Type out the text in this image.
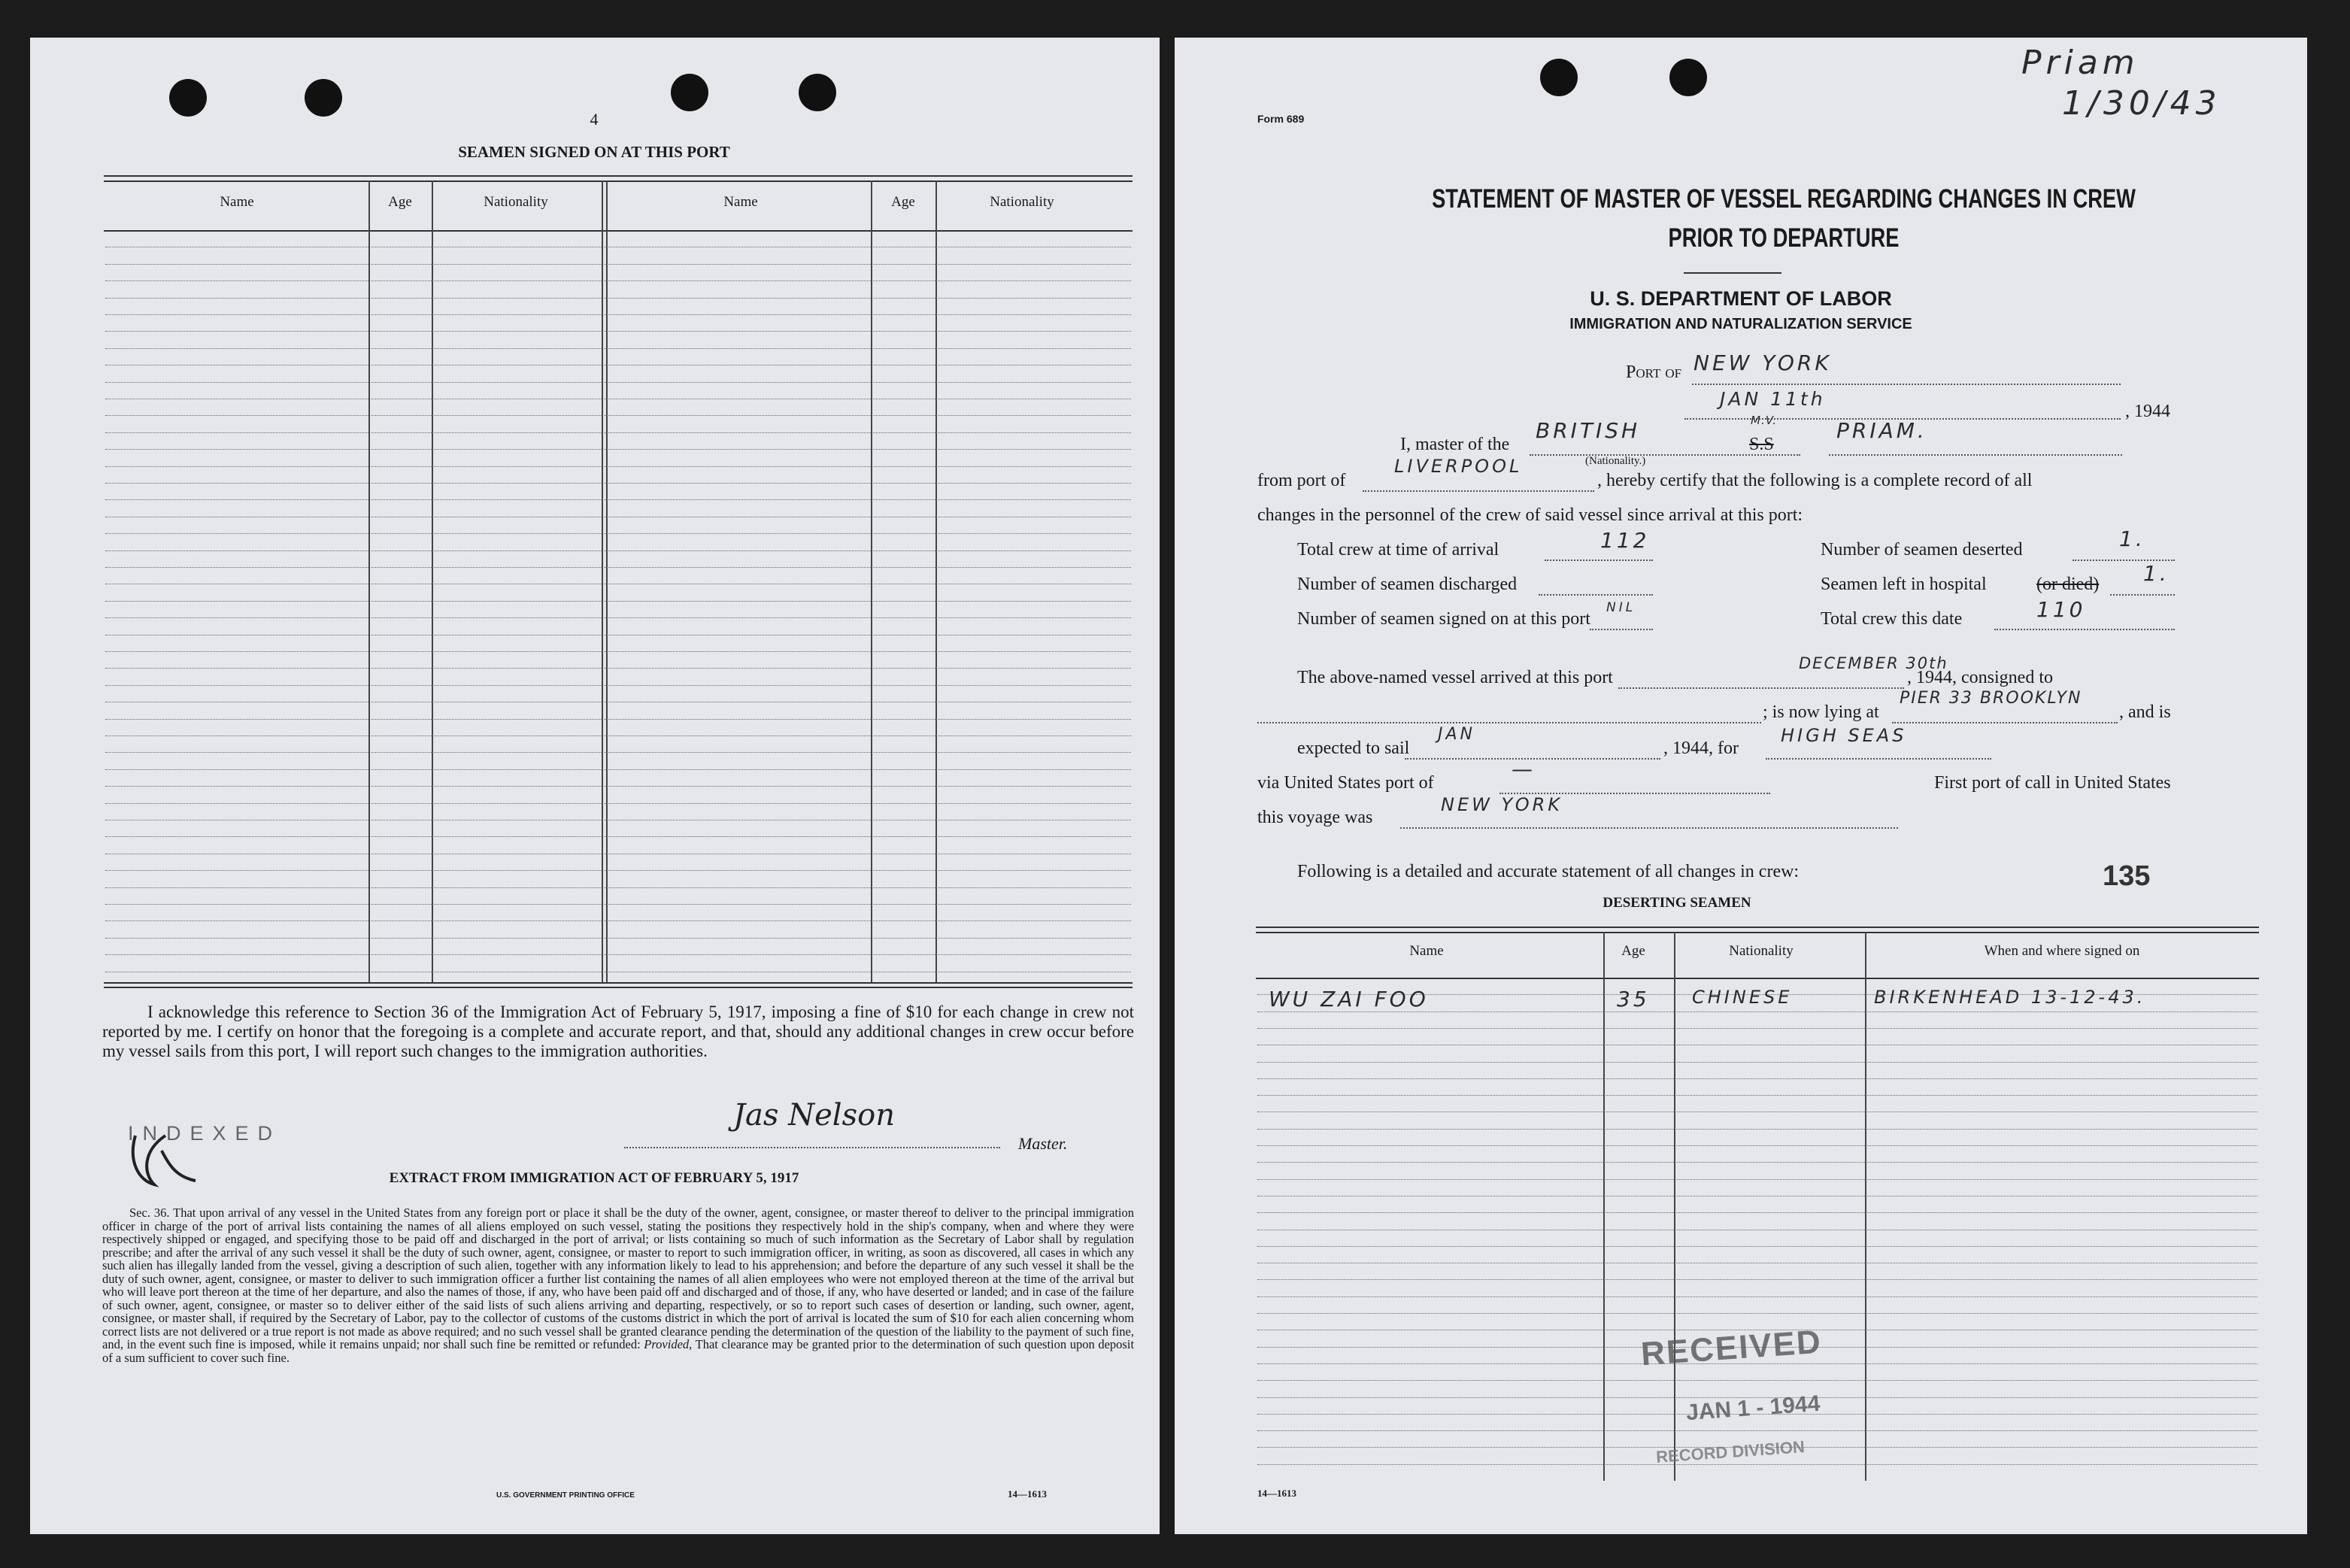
4
SEAMEN SIGNED ON AT THIS PORT
Name	Age	Nationality	Name	Age	Nationality
I acknowledge this reference to Section 36 of the Immigration Act of February 5, 1917, imposing a fine of $10 for each change in crew not reported by me. I certify on honor that the foregoing is a complete and accurate report, and that, should any additional changes in crew occur before my vessel sails from this port, I will report such changes to the immigration authorities.
INDEXED
Jas Nelson
Master.
EXTRACT FROM IMMIGRATION ACT OF FEBRUARY 5, 1917
Sec. 36. That upon arrival of any vessel in the United States from any foreign port or place it shall be the duty of the owner, agent, consignee, or master thereof to deliver to the principal immigration officer in charge of the port of arrival lists containing the names of all aliens employed on such vessel, stating the positions they respectively hold in the ship's company, when and where they were respectively shipped or engaged, and specifying those to be paid off and discharged in the port of arrival; or lists containing so much of such information as the Secretary of Labor shall by regulation prescribe; and after the arrival of any such vessel it shall be the duty of such owner, agent, consignee, or master to report to such immigration officer, in writing, as soon as discovered, all cases in which any such alien has illegally landed from the vessel, giving a description of such alien, together with any information likely to lead to his apprehension; and before the departure of any such vessel it shall be the duty of such owner, agent, consignee, or master to deliver to such immigration officer a further list containing the names of all alien employees who were not employed thereon at the time of the arrival but who will leave port thereon at the time of her departure, and also the names of those, if any, who have been paid off and discharged and of those, if any, who have deserted or landed; and in case of the failure of such owner, agent, consignee, or master so to deliver either of the said lists of such aliens arriving and departing, respectively, or so to report such cases of desertion or landing, such owner, agent, consignee, or master shall, if required by the Secretary of Labor, pay to the collector of customs of the customs district in which the port of arrival is located the sum of $10 for each alien concerning whom correct lists are not delivered or a true report is not made as above required; and no such vessel shall be granted clearance pending the determination of the question of the liability to the payment of such fine, and, in the event such fine is imposed, while it remains unpaid; nor shall such fine be remitted or refunded: Provided, That clearance may be granted prior to the determination of such question upon deposit of a sum sufficient to cover such fine.
U.S. GOVERNMENT PRINTING OFFICE	14—1613
Priam
1/30/43
Form 689
STATEMENT OF MASTER OF VESSEL REGARDING CHANGES IN CREW
PRIOR TO DEPARTURE
U. S. DEPARTMENT OF LABOR
IMMIGRATION AND NATURALIZATION SERVICE
Port of NEW YORK
JAN 11th
, 1944
I, master of the
BRITISH
(Nationality.)
M.V.
S.S
PRIAM.
from port of
LIVERPOOL
, hereby certify that the following is a complete record of all
changes in the personnel of the crew of said vessel since arrival at this port:
Total crew at time of arrival	112	Number of seamen deserted	1.
Number of seamen discharged	Seamen left in hospital	(or died) 1.
Number of seamen signed on at this port
NIL
Total crew this date	110
The above-named vessel arrived at this port
DECEMBER 30th
, 1944, consigned to
; is now lying at
PIER 33 BROOKLYN
, and is
expected to sail
JAN
, 1944, for
HIGH SEAS
via United States port of
—
First port of call in United States
this voyage was
NEW YORK
Following is a detailed and accurate statement of all changes in crew:	135
DESERTING SEAMEN
Name	Age	Nationality	When and where signed on
WU ZAI FOO	35 CHINESE	BIRKENHEAD 13-12-43.
RECEIVED
JAN 1 - 1944
RECORD DIVISION
14—1613
